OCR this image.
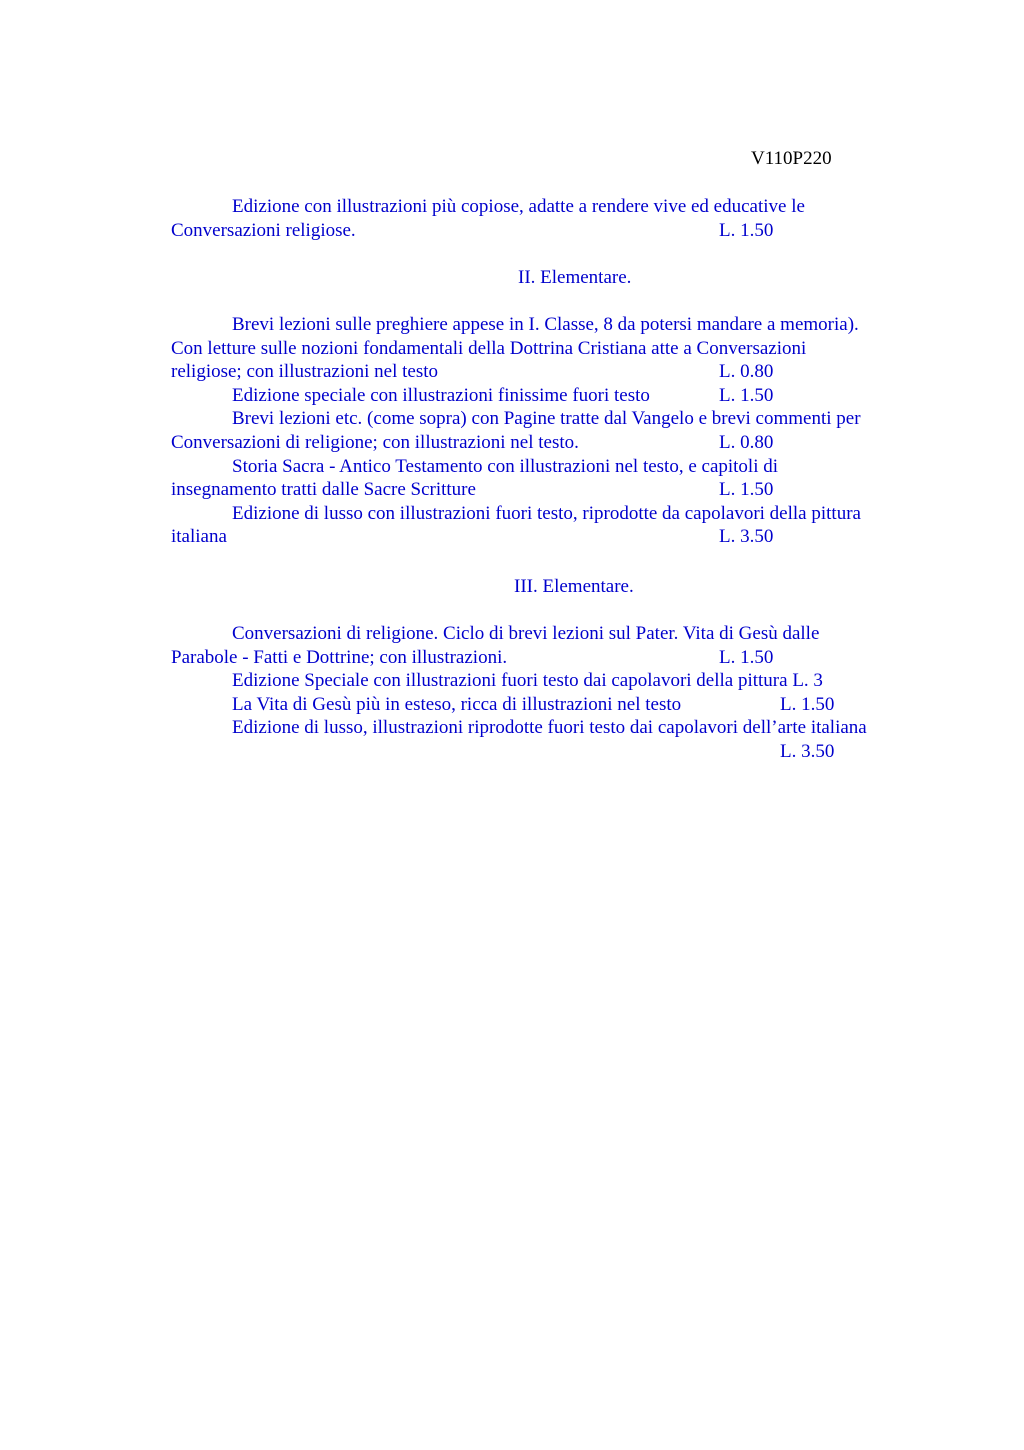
V110P220
Edizione con illustrazioni più copiose, adatte a rendere vive ed educative le
Conversazioni religiose.	L. 1.50
II. Elementare.
Brevi lezioni sulle preghiere appese in I. Classe, 8 da potersi mandare a memoria).
Con letture sulle nozioni fondamentali della Dottrina Cristiana atte a Conversazioni
religiose; con illustrazioni nel testo	L. 0.80
Edizione speciale con illustrazioni finissime fuori testo	L. 1.50
Brevi lezioni etc. (come sopra) con Pagine tratte dal Vangelo e brevi commenti per
Conversazioni di religione; con illustrazioni nel testo.	L. 0.80
Storia Sacra - Antico Testamento con illustrazioni nel testo, e capitoli di
insegnamento tratti dalle Sacre Scritture	L. 1.50
Edizione di lusso con illustrazioni fuori testo, riprodotte da capolavori della pittura
italiana	L. 3.50
III. Elementare.
Conversazioni di religione. Ciclo di brevi lezioni sul Pater. Vita di Gesù dalle
Parabole - Fatti e Dottrine; con illustrazioni.	L. 1.50
Edizione Speciale con illustrazioni fuori testo dai capolavori della pittura L. 3
La Vita di Gesù più in esteso, ricca di illustrazioni nel testo	L. 1.50
Edizione di lusso, illustrazioni riprodotte fuori testo dai capolavori dell’arte italiana
L. 3.50
